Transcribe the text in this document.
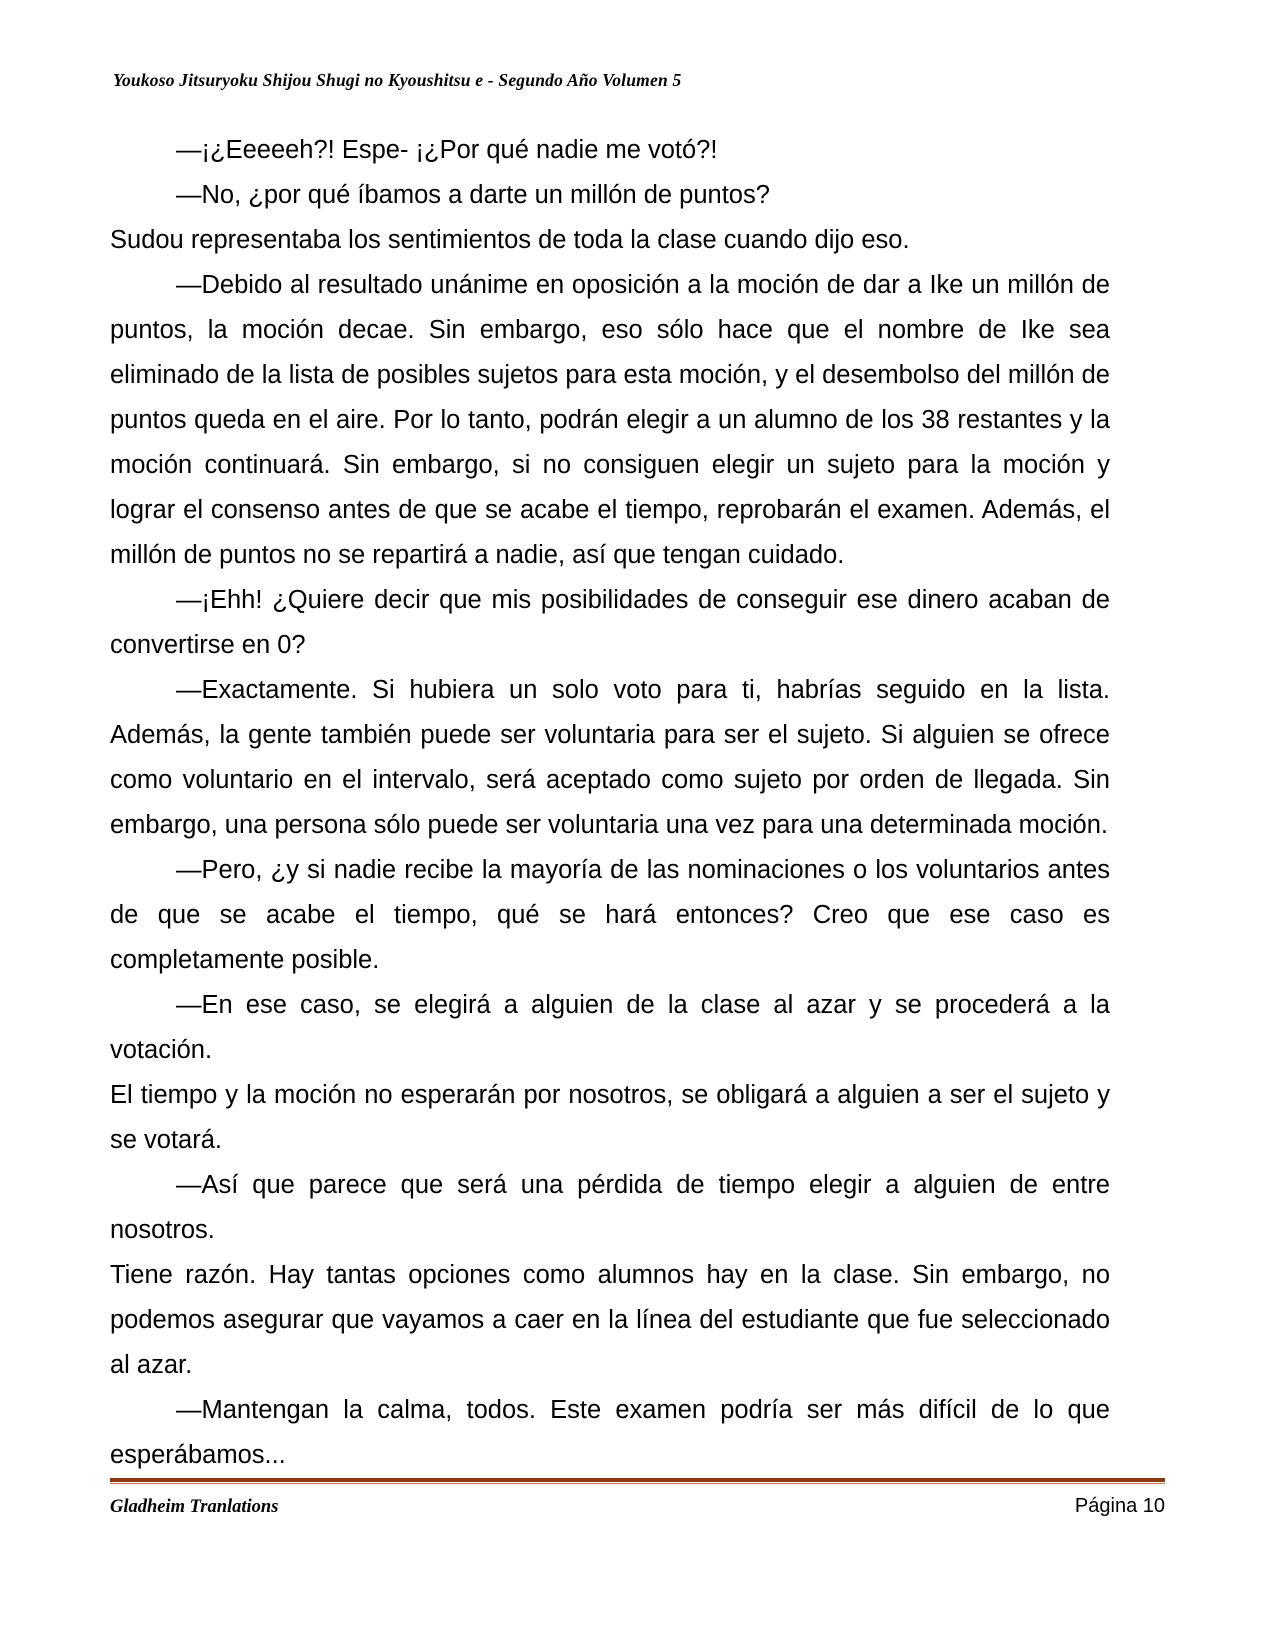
Youkoso Jitsuryoku Shijou Shugi no Kyoushitsu e - Segundo Año Volumen 5

—¡¿Eeeeeh?! Espe- ¡¿Por qué nadie me votó?!

—No, ¿por qué íbamos a darte un millón de puntos?

Sudou representaba los sentimientos de toda la clase cuando dijo eso.

—Debido al resultado unánime en oposición a la moción de dar a Ike un millón de puntos, la moción decae. Sin embargo, eso sólo hace que el nombre de Ike sea eliminado de la lista de posibles sujetos para esta moción, y el desembolso del millón de puntos queda en el aire. Por lo tanto, podrán elegir a un alumno de los 38 restantes y la moción continuará. Sin embargo, si no consiguen elegir un sujeto para la moción y lograr el consenso antes de que se acabe el tiempo, reprobarán el examen. Además, el millón de puntos no se repartirá a nadie, así que tengan cuidado.

—¡Ehh! ¿Quiere decir que mis posibilidades de conseguir ese dinero acaban de convertirse en 0?

—Exactamente. Si hubiera un solo voto para ti, habrías seguido en la lista. Además, la gente también puede ser voluntaria para ser el sujeto. Si alguien se ofrece como voluntario en el intervalo, será aceptado como sujeto por orden de llegada. Sin embargo, una persona sólo puede ser voluntaria una vez para una determinada moción.

—Pero, ¿y si nadie recibe la mayoría de las nominaciones o los voluntarios antes de que se acabe el tiempo, qué se hará entonces? Creo que ese caso es completamente posible.

—En ese caso, se elegirá a alguien de la clase al azar y se procederá a la votación.

El tiempo y la moción no esperarán por nosotros, se obligará a alguien a ser el sujeto y se votará.

—Así que parece que será una pérdida de tiempo elegir a alguien de entre nosotros.

Tiene razón. Hay tantas opciones como alumnos hay en la clase. Sin embargo, no podemos asegurar que vayamos a caer en la línea del estudiante que fue seleccionado al azar.

—Mantengan la calma, todos. Este examen podría ser más difícil de lo que esperábamos...

Gladheim Tranlations	Página 10
